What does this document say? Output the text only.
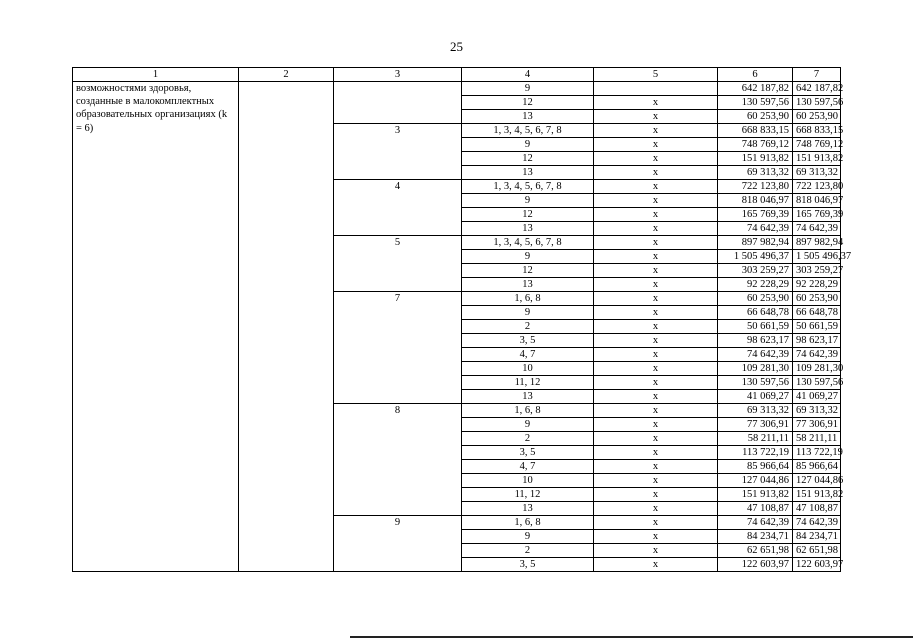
25
1	2	3	4	5	6	7
возможностями здоровья, созданные в малокомплектных образовательных организациях (k = 6)			9		642 187,82	642 187,82
			12	x	130 597,56	130 597,56
			13	x	60 253,90	60 253,90
		3	1, 3, 4, 5, 6, 7, 8	x	668 833,15	668 833,15
			9	x	748 769,12	748 769,12
			12	x	151 913,82	151 913,82
			13	x	69 313,32	69 313,32
		4	1, 3, 4, 5, 6, 7, 8	x	722 123,80	722 123,80
			9	x	818 046,97	818 046,97
			12	x	165 769,39	165 769,39
			13	x	74 642,39	74 642,39
		5	1, 3, 4, 5, 6, 7, 8	x	897 982,94	897 982,94
			9	x	1 505 496,37	1 505 496,37
			12	x	303 259,27	303 259,27
			13	x	92 228,29	92 228,29
		7	1, 6, 8	x	60 253,90	60 253,90
			9	x	66 648,78	66 648,78
			2	x	50 661,59	50 661,59
			3, 5	x	98 623,17	98 623,17
			4, 7	x	74 642,39	74 642,39
			10	x	109 281,30	109 281,30
			11, 12	x	130 597,56	130 597,56
			13	x	41 069,27	41 069,27
		8	1, 6, 8	x	69 313,32	69 313,32
			9	x	77 306,91	77 306,91
			2	x	58 211,11	58 211,11
			3, 5	x	113 722,19	113 722,19
			4, 7	x	85 966,64	85 966,64
			10	x	127 044,86	127 044,86
			11, 12	x	151 913,82	151 913,82
			13	x	47 108,87	47 108,87
		9	1, 6, 8	x	74 642,39	74 642,39
			9	x	84 234,71	84 234,71
			2	x	62 651,98	62 651,98
			3, 5	x	122 603,97	122 603,97
